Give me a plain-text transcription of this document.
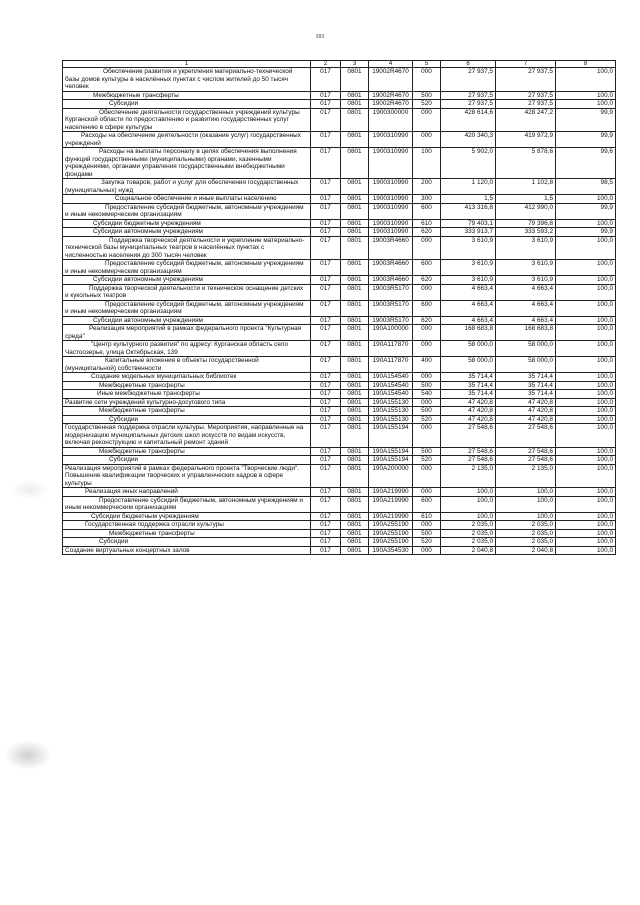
101
1	2	3	4	5	6	7	8
Обеспечение развития и укрепления материально-технической базы домов культуры в населённых пунктах с числом жителей до 50 тысяч человек	017	0801	19002R4670	000	27 937,5	27 937,5	100,0
Межбюджетные трансферты	017	0801	19002R4670	500	27 937,5	27 937,5	100,0
Субсидии	017	0801	19002R4670	520	27 937,5	27 937,5	100,0
Обеспечение деятельности государственных учреждений культуры Курганской области по предоставлению и развитию государственных услуг населению в сфере культуры	017	0801	1900300000	000	428 614,6	428 247,2	99,9
Расходы на обеспечение деятельности (оказание услуг) государственных учреждений	017	0801	1900310990	000	420 340,3	419 972,9	99,9
Расходы на выплаты персоналу в целях обеспечения выполнения функций государственными (муниципальными) органами, казенными учреждениями, органами управления государственными внебюджетными фондами	017	0801	1900310990	100	5 902,0	5 878,6	99,6
Закупка товаров, работ и услуг для обеспечения государственных (муниципальных) нужд	017	0801	1900310990	200	1 120,0	1 102,8	98,5
Социальное обеспечение и иные выплаты населению	017	0801	1900310990	300	1,5	1,5	100,0
Предоставление субсидий бюджетным, автономным учреждениям и иным некоммерческим организациям	017	0801	1900310990	600	413 316,8	412 990,0	99,9
Субсидии бюджетным учреждениям	017	0801	1900310990	610	79 403,1	79 396,8	100,0
Субсидии автономным учреждениям	017	0801	1900310990	620	333 913,7	333 593,2	99,9
Поддержка творческой деятельности и укрепление материально-технической базы муниципальных театров в населённых пунктах с численностью населения до 300 тысяч человек	017	0801	19003R4660	000	3 610,9	3 610,9	100,0
Предоставление субсидий бюджетным, автономным учреждениям и иным некоммерческим организациям	017	0801	19003R4660	600	3 610,9	3 610,9	100,0
Субсидии автономным учреждениям	017	0801	19003R4660	620	3 610,9	3 610,9	100,0
Поддержка творческой деятельности и техническое оснащение детских и кукольных театров	017	0801	19003R5170	000	4 663,4	4 663,4	100,0
Предоставление субсидий бюджетным, автономным учреждениям и иным некоммерческим организациям	017	0801	19003R5170	600	4 663,4	4 663,4	100,0
Субсидии автономным учреждениям	017	0801	19003R5170	620	4 663,4	4 663,4	100,0
Реализация мероприятий в рамках федерального проекта "Культурная среда"	017	0801	190A100000	000	168 683,8	168 683,8	100,0
"Центр культурного развития" по адресу: Курганская область село Частоозерье, улица Октябрьская, 139	017	0801	190A117870	000	58 000,0	58 000,0	100,0
Капитальные вложения в объекты государственной (муниципальной) собственности	017	0801	190A117870	400	58 000,0	58 000,0	100,0
Создание модельных муниципальных библиотек	017	0801	190A154540	000	35 714,4	35 714,4	100,0
Межбюджетные трансферты	017	0801	190A154540	500	35 714,4	35 714,4	100,0
Иные межбюджетные трансферты	017	0801	190A154540	540	35 714,4	35 714,4	100,0
Развитие сети учреждений культурно-досугового типа	017	0801	190A155130	000	47 420,8	47 420,8	100,0
Межбюджетные трансферты	017	0801	190A155130	500	47 420,8	47 420,8	100,0
Субсидии	017	0801	190A155130	520	47 420,8	47 420,8	100,0
Государственная поддержка отрасли культуры. Мероприятия, направленные на модернизацию муниципальных детских школ искусств по видам искусств, включая реконструкцию и капитальный ремонт зданий	017	0801	190A155194	000	27 548,6	27 548,6	100,0
Межбюджетные трансферты	017	0801	190A155194	500	27 548,6	27 548,6	100,0
Субсидии	017	0801	190A155194	520	27 548,6	27 548,6	100,0
Реализация мероприятий в рамках федерального проекта "Творческие люди". Повышение квалификации творческих и управленческих кадров в сфере культуры	017	0801	190A200000	000	2 135,0	2 135,0	100,0
Реализация иных направлений	017	0801	190A219990	000	100,0	100,0	100,0
Предоставление субсидий бюджетным, автономным учреждениям и иным некоммерческим организациям	017	0801	190A219990	600	100,0	100,0	100,0
Субсидии бюджетным учреждениям	017	0801	190A219990	610	100,0	100,0	100,0
Государственная поддержка отрасли культуры	017	0801	190A255190	000	2 035,0	2 035,0	100,0
Межбюджетные трансферты	017	0801	190A255190	500	2 035,0	2 035,0	100,0
Субсидии	017	0801	190A255190	520	2 035,0	2 035,0	100,0
Создание виртуальных концертных залов	017	0801	190A354530	000	2 040,8	2 040,8	100,0
